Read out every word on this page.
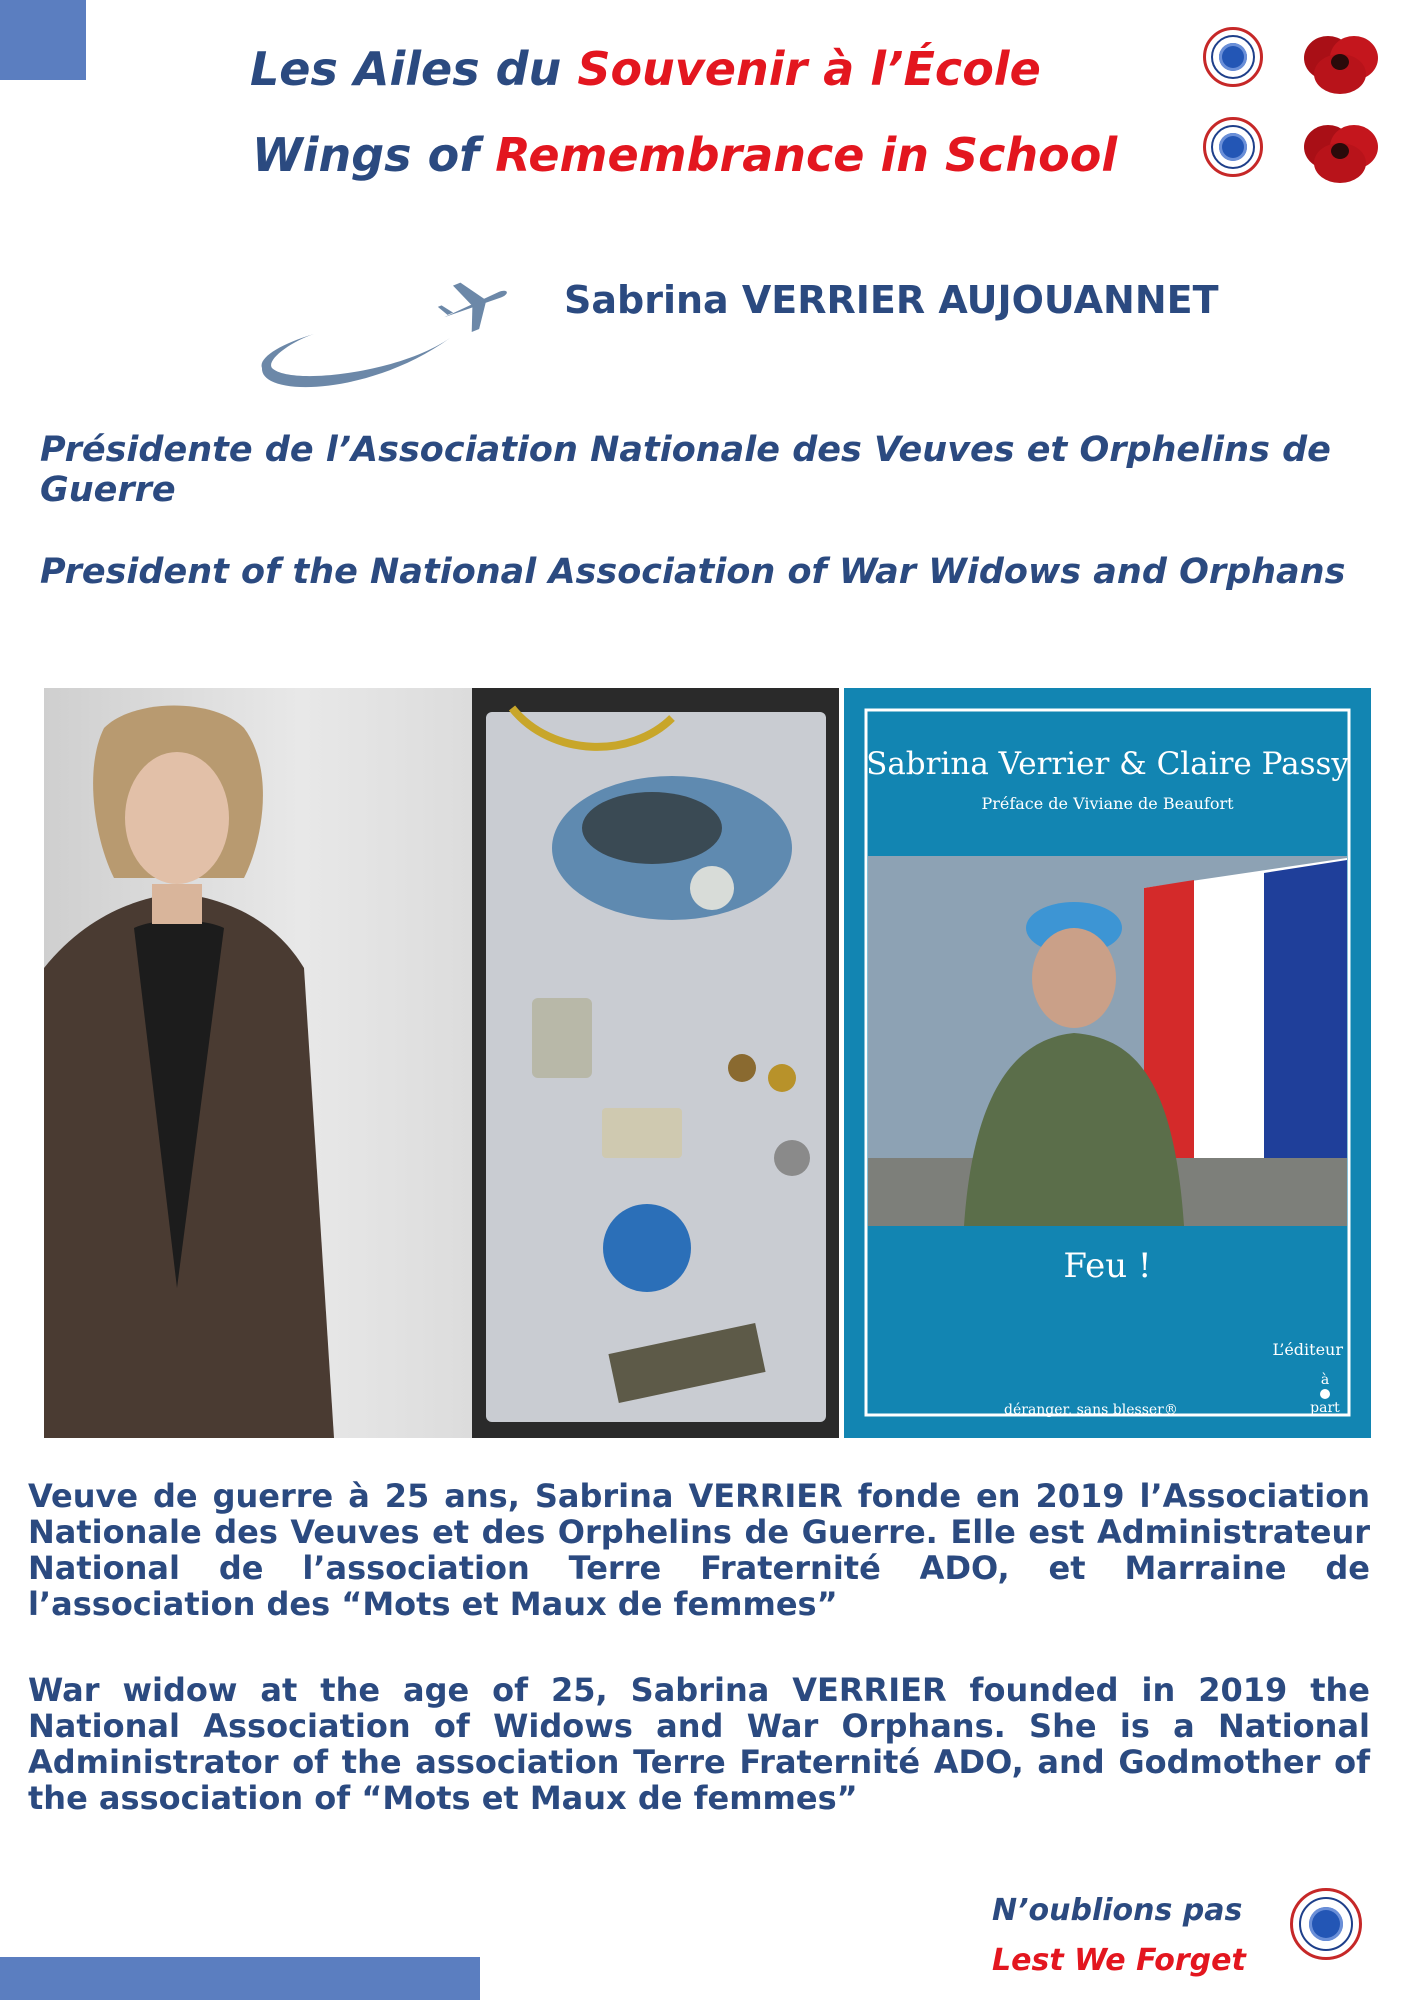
Les Ailes du Souvenir à l’École
Wings of Remembrance in School
Sabrina VERRIER AUJOUANNET
Présidente de l’Association Nationale des Veuves et Orphelins de Guerre
President of the National Association of War Widows and Orphans
Sabrina Verrier & Claire Passy
Préface de Viviane de Beaufort
Feu !
L’éditeur
déranger, sans blesser®
à
part
Veuve de guerre à 25 ans, Sabrina VERRIER fonde en 2019 l’Association Nationale des Veuves et des Orphelins de Guerre. Elle est Administrateur National de l’association Terre Fraternité ADO, et Marraine de l’association des “Mots et Maux de femmes”
War widow at the age of 25, Sabrina VERRIER founded in 2019 the National Association of Widows and War Orphans. She is a National Administrator of the association Terre Fraternité ADO, and Godmother of the association of “Mots et Maux de femmes”
N’oublions pas
Lest We Forget
